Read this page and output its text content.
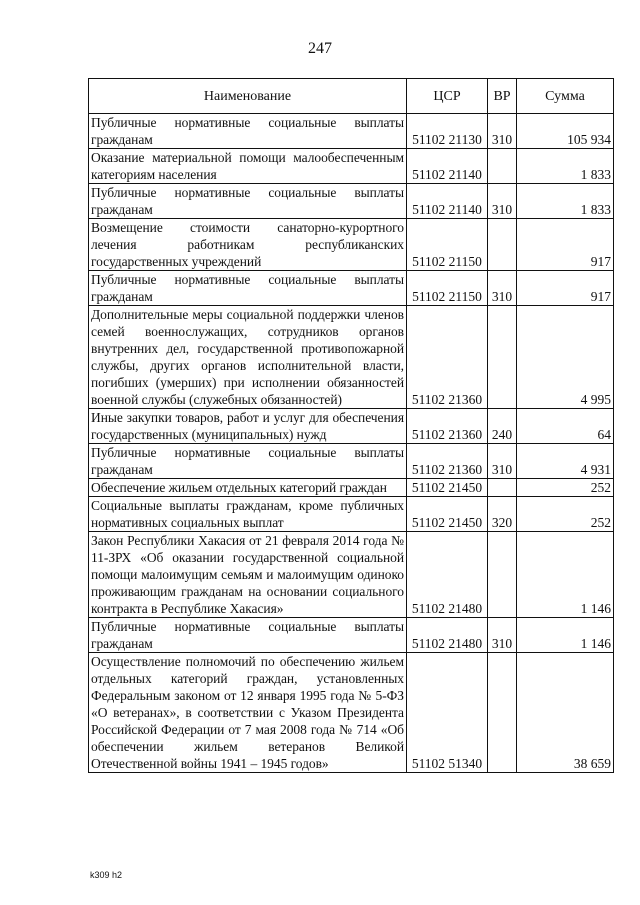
247
Наименование	ЦСР	ВР	Сумма
Публичные нормативные социальные выплаты гражданам	51102 21130	310	105 934
Оказание материальной помощи малообеспеченным категориям населения	51102 21140		1 833
Публичные нормативные социальные выплаты гражданам	51102 21140	310	1 833
Возмещение стоимости санаторно-курортного лечения работникам республиканских государственных учреждений	51102 21150		917
Публичные нормативные социальные выплаты гражданам	51102 21150	310	917
Дополнительные меры социальной поддержки членов семей военнослужащих, сотрудников органов внутренних дел, государственной противопожарной службы, других органов исполнительной власти, погибших (умерших) при исполнении обязанностей военной службы (служебных обязанностей)	51102 21360		4 995
Иные закупки товаров, работ и услуг для обеспечения государственных (муниципальных) нужд	51102 21360	240	64
Публичные нормативные социальные выплаты гражданам	51102 21360	310	4 931
Обеспечение жильем отдельных категорий граждан	51102 21450		252
Социальные выплаты гражданам, кроме публичных нормативных социальных выплат	51102 21450	320	252
Закон Республики Хакасия от 21 февраля 2014 года № 11-ЗРХ «Об оказании государственной социальной помощи малоимущим семьям и малоимущим одиноко проживающим гражданам на основании социального контракта в Республике Хакасия»	51102 21480		1 146
Публичные нормативные социальные выплаты гражданам	51102 21480	310	1 146
Осуществление полномочий по обеспечению жильем отдельных категорий граждан, установленных Федеральным законом от 12 января 1995 года № 5-ФЗ «О ветеранах», в соответствии с Указом Президента Российской Федерации от 7 мая 2008 года № 714 «Об обеспечении жильем ветеранов Великой Отечественной войны 1941 – 1945 годов»	51102 51340		38 659
k309 h2
